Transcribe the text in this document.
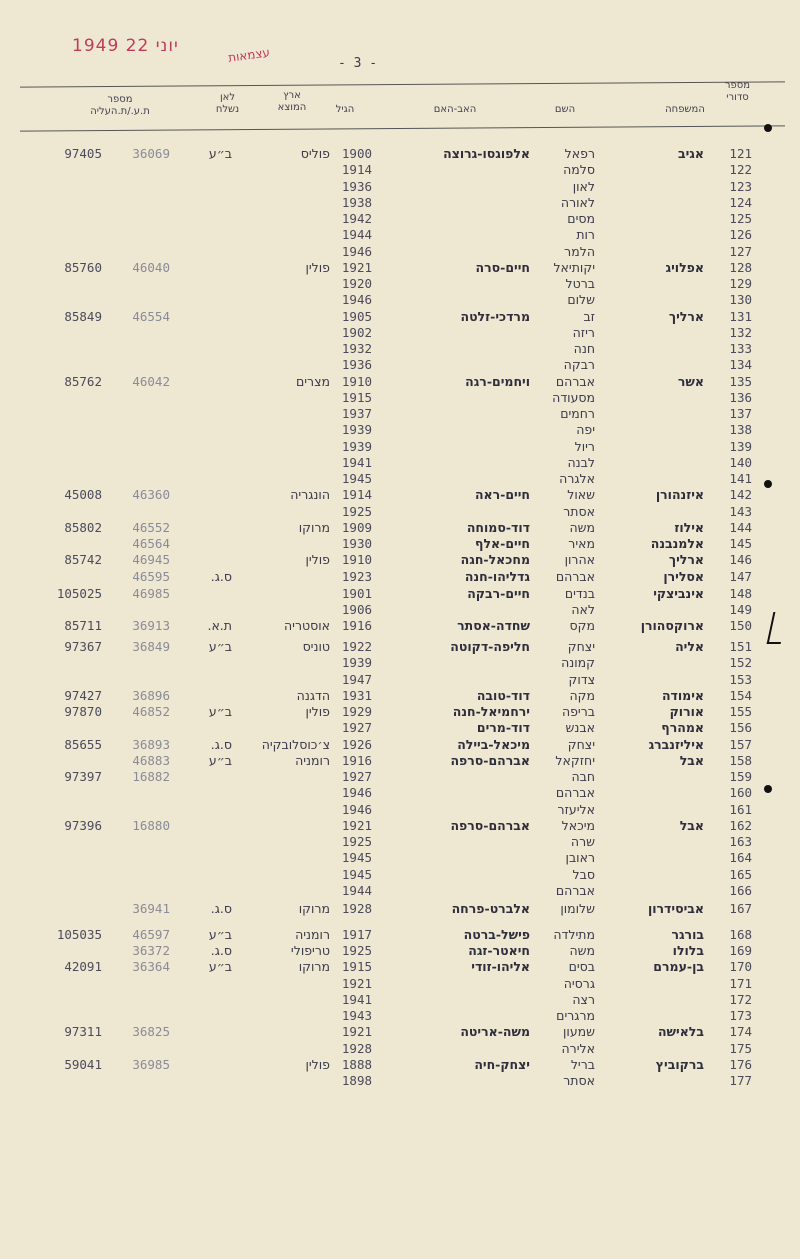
1949 יוני 22	עצמאות	- 3 -
מספר
סדורי
המשפחה
השם
האב-האם
הגיל
ארץ
המוצא
לאן
נשלח
מספר
ת.ע./ת.העליה
121
אגיב
רפאל
אלפוגסו-גרוצה
1900
פוליס
ב״ע
36069
97405
122
סלמה
1914
123
לאון
1936
124
לאורה
1938
125
מסים
1942
126
רות
1944
127
הלמר
1946
128
אפלויג
יקותיאל
חיים-סרה
1921
פולין
46040
85760
129
ברטל
1920
130
שלום
1946
131
ארליך
זב
מרדכי-זלטה
1905
46554
85849
132
ריזה
1902
133
חנה
1932
134
רבקה
1936
135
אשר
אברהם
ויחמים-רגה
1910
מצרים
46042
85762
136
מסעודה
1915
137
רחמים
1937
138
יפה
1939
139
ריול
1939
140
לבנה
1941
141
אלגרה
1945
142
איזנהורן
שאול
חיים-ראה
1914
הונגריה
46360
45008
143
אסתר
1925
144
אילוז
משה
דוד-סמוחה
1909
מרוקו
46552
85802
145
אלמנבנה
מאיר
חיים-אלף
1930
46564
146
ארליך
אהרון
מחכאל-חגה
1910
פולין
46945
85742
147
אסלירן
אברהם
גדליהו-חנה
1923
ס.ג.
46595
148
אינביצקי
בנדים
חיים-רבקה
1901
46985
105025
149
לאה
1906
150
ארוקסהורן
מקס
שחדה-אסתר
1916
אוסטריה
ת.א.
36913
85711
151
אליה
יצחק
חליפה-דקוטה
1922
טוניס
ב״ע
36849
97367
152
קמונה
1939
153
צדוק
1947
154
אימודה
מקה
דוד-טובה
1931
הדגנה
36896
97427
155
אורוק
בריפה
ירחמיאל-חנה
1929
פולין
ב״ע
46852
97870
156
אמהרף
אבנש
דוד-מרים
1927
157
איליזנברג
יצחק
מיכאל-ביילה
1926
צ׳כוסלובקיה
ס.ג.
36893
85655
158
אבל
יחזקאל
אברהם-סרפה
1916
רומניה
ב״ע
46883
159
חבה
1927
16882
97397
160
אברהם
1946
161
אליעזר
1946
162
אבל
מיכאל
אברהם-סרפה
1921
16880
97396
163
שרה
1925
164
ראובן
1945
165
סבל
1945
166
אברהם
1944
167
אביסידרון
שלומון
אלברט-פרחה
1928
מרוקו
ס.ג.
36941
168
בורגר
מתילדה
פישל-ברטה
1917
רומניה
ב״ע
46597
105035
169
בלולו
משה
חיאטר-זגה
1925
טריפולי
ס.ג.
36372
170
בן-עמרם
בסים
אליהו-זודי
1915
מרוקו
ב״ע
36364
42091
171
גרסיה
1921
172
רצה
1941
173
מרגרים
1943
174
בלאישה
שמעון
משה-אריטה
1921
36825
97311
175
אלירה
1928
176
ברקוביץ
בריל
יצחק-חיה
1888
פולין
36985
59041
177
אסתר
1898
